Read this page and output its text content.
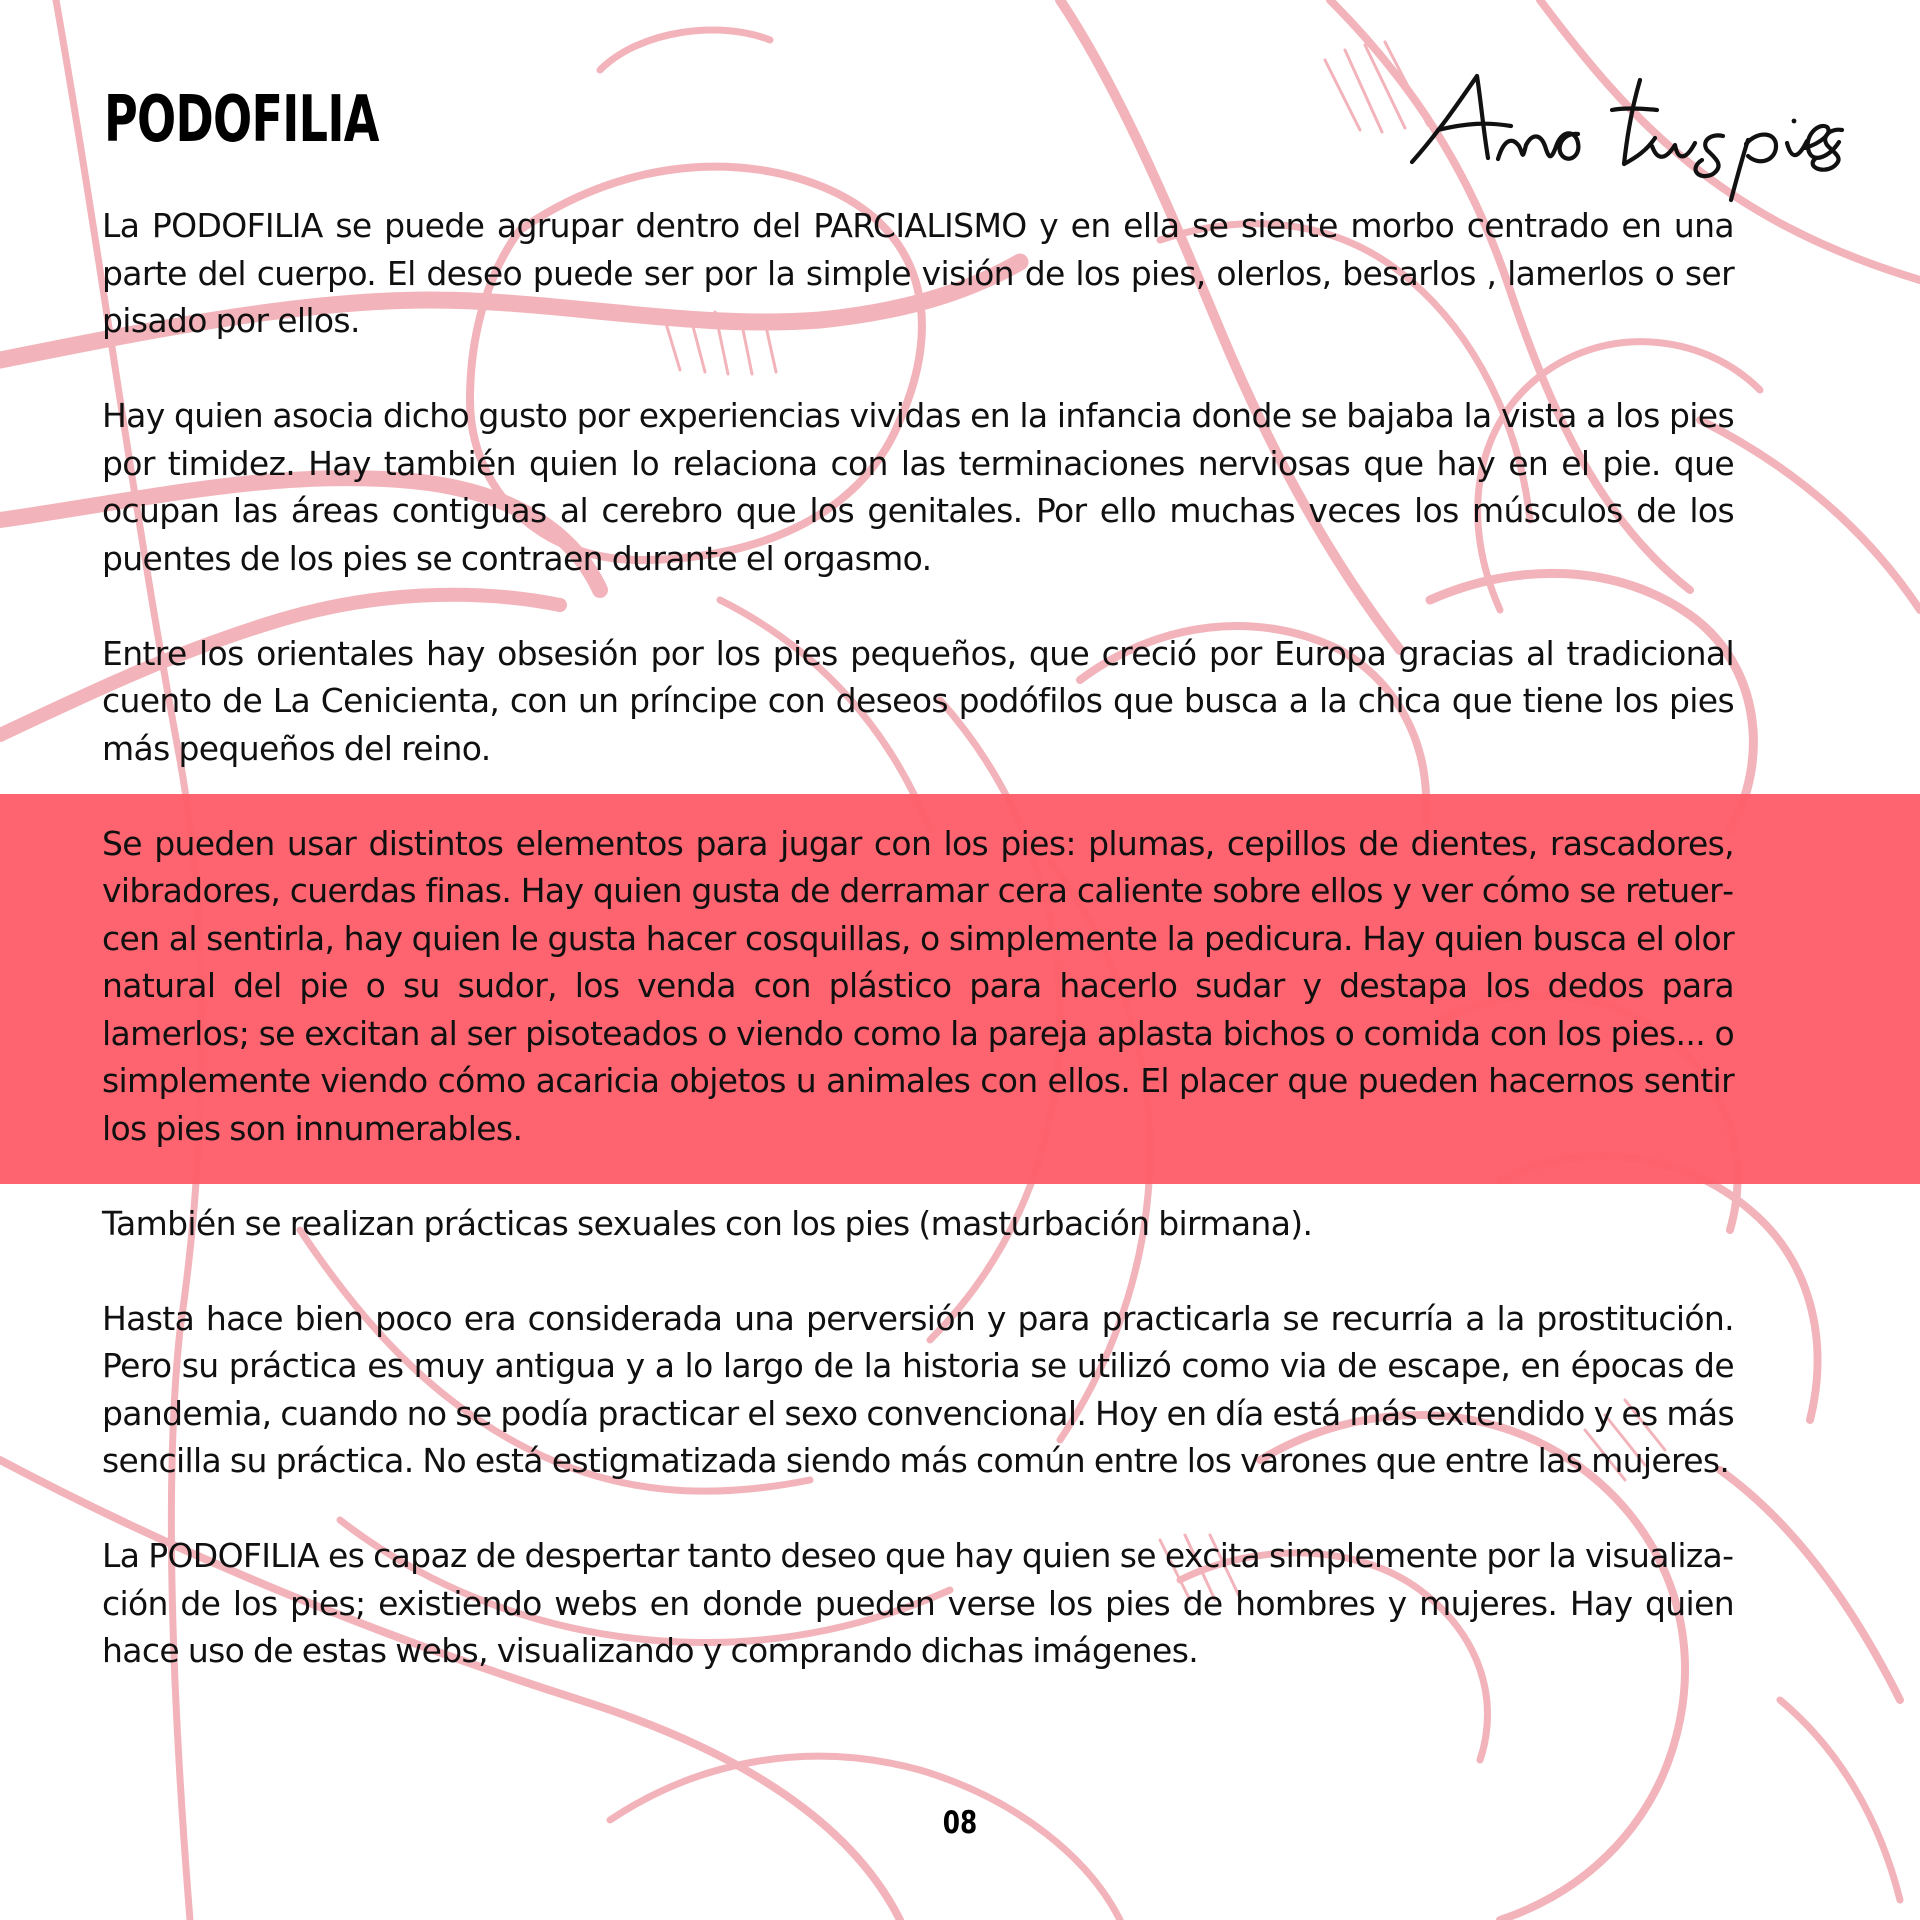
PODOFILIA

La PODOFILIA se puede agrupar dentro del PARCIALISMO y en ella se siente morbo centrado en una parte del cuerpo. El deseo puede ser por la simple visión de los pies, olerlos, besarlos , lamerlos o ser pisado por ellos.

Hay quien asocia dicho gusto por experiencias vividas en la infancia donde se bajaba la vista a los pies por timidez. Hay también quien lo relaciona con las terminaciones nerviosas que hay en el pie. que ocupan las áreas contiguas al cerebro que los genitales. Por ello muchas veces los músculos de los puentes de los pies se contraen durante el orgasmo.

Entre los orientales hay obsesión por los pies pequeños, que creció por Europa gracias al tradicional cuento de La Cenicienta, con un príncipe con deseos podófilos que busca a la chica que tiene los pies más pequeños del reino.

Se pueden usar distintos elementos para jugar con los pies: plumas, cepillos de dientes, rascadores, vibradores, cuerdas finas. Hay quien gusta de derramar cera caliente sobre ellos y ver cómo se retuercen al sentirla, hay quien le gusta hacer cosquillas, o simplemente la pedicura. Hay quien busca el olor natural del pie o su sudor, los venda con plástico para hacerlo sudar y destapa los dedos para lamerlos; se excitan al ser pisoteados o viendo como la pareja aplasta bichos o comida con los pies... o simplemente viendo cómo acaricia objetos u animales con ellos. El placer que pueden hacernos sentir los pies son innumerables.

También se realizan prácticas sexuales con los pies (masturbación birmana).

Hasta hace bien poco era considerada una perversión y para practicarla se recurría a la prostitución. Pero su práctica es muy antigua y a lo largo de la historia se utilizó como via de escape, en épocas de pandemia, cuando no se podía practicar el sexo convencional. Hoy en día está más extendido y es más sencilla su práctica. No está estigmatizada siendo más común entre los varones que entre las mujeres.

La PODOFILIA es capaz de despertar tanto deseo que hay quien se excita simplemente por la visualización de los pies; existiendo webs en donde pueden verse los pies de hombres y mujeres. Hay quien hace uso de estas webs, visualizando y comprando dichas imágenes.

08
